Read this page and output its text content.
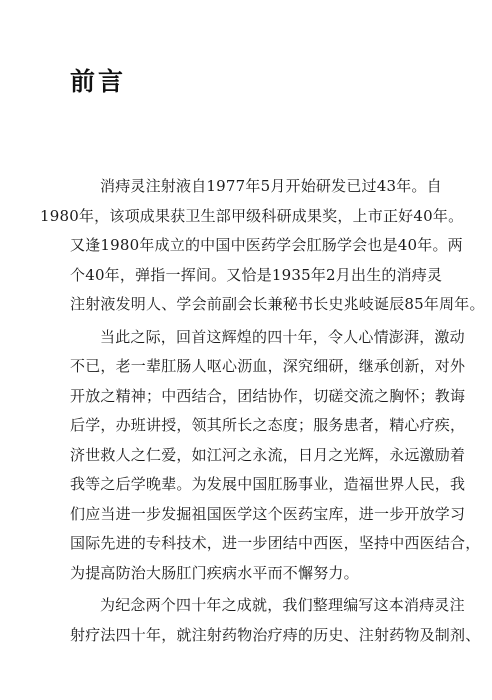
前言

消痔灵注射液自1977年5月开始研发已过43年。自
1980年，该项成果获卫生部甲级科研成果奖，上市正好40年。
又逢1980年成立的中国中医药学会肛肠学会也是40年。两
个40年，弹指一挥间。又恰是1935年2月出生的消痔灵
注射液发明人、学会前副会长兼秘书长史兆岐诞辰85年周年。

当此之际，回首这辉煌的四十年，令人心情澎湃，激动
不已，老一辈肛肠人呕心沥血，深究细研，继承创新，对外
开放之精神；中西结合，团结协作，切磋交流之胸怀；教诲
后学，办班讲授，领其所长之态度；服务患者，精心疗疾，
济世救人之仁爱，如江河之永流，日月之光辉，永远激励着
我等之后学晚辈。为发展中国肛肠事业，造福世界人民，我
们应当进一步发掘祖国医学这个医药宝库，进一步开放学习
国际先进的专科技术，进一步团结中西医，坚持中西医结合，
为提高防治大肠肛门疾病水平而不懈努力。

为纪念两个四十年之成就，我们整理编写这本消痔灵注
射疗法四十年，就注射药物治疗痔的历史、注射药物及制剂、
